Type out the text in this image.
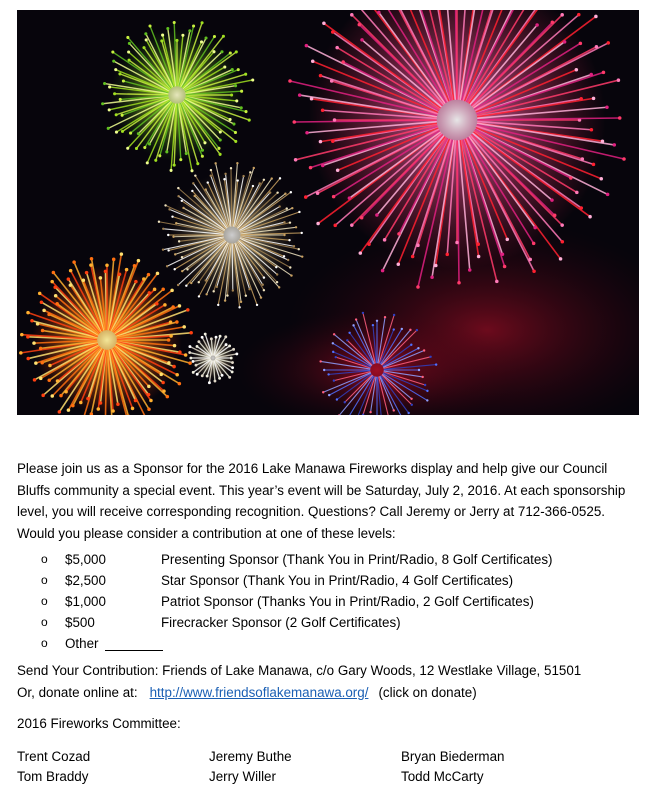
Please join us as a Sponsor for the 2016 Lake Manawa Fireworks display and help give our Council Bluffs community a special event. This year’s event will be Saturday, July 2, 2016. At each sponsorship level, you will receive corresponding recognition. Questions? Call Jeremy or Jerry at 712-366-0525. Would you please consider a contribution at one of these levels:

o	$5,000	Presenting Sponsor (Thank You in Print/Radio, 8 Golf Certificates)
o	$2,500	Star Sponsor (Thank You in Print/Radio, 4 Golf Certificates)
o	$1,000	Patriot Sponsor (Thanks You in Print/Radio, 2 Golf Certificates)
o	$500	Firecracker Sponsor (2 Golf Certificates)
o	Other
Send Your Contribution: Friends of Lake Manawa, c/o Gary Woods, 12 Westlake Village, 51501
Or, donate online at: http://www.friendsoflakemanawa.org/ (click on donate)
2016 Fireworks Committee:
Trent Cozad	Jeremy Buthe	Bryan Biederman
Tom Braddy	Jerry Willer	Todd McCarty
